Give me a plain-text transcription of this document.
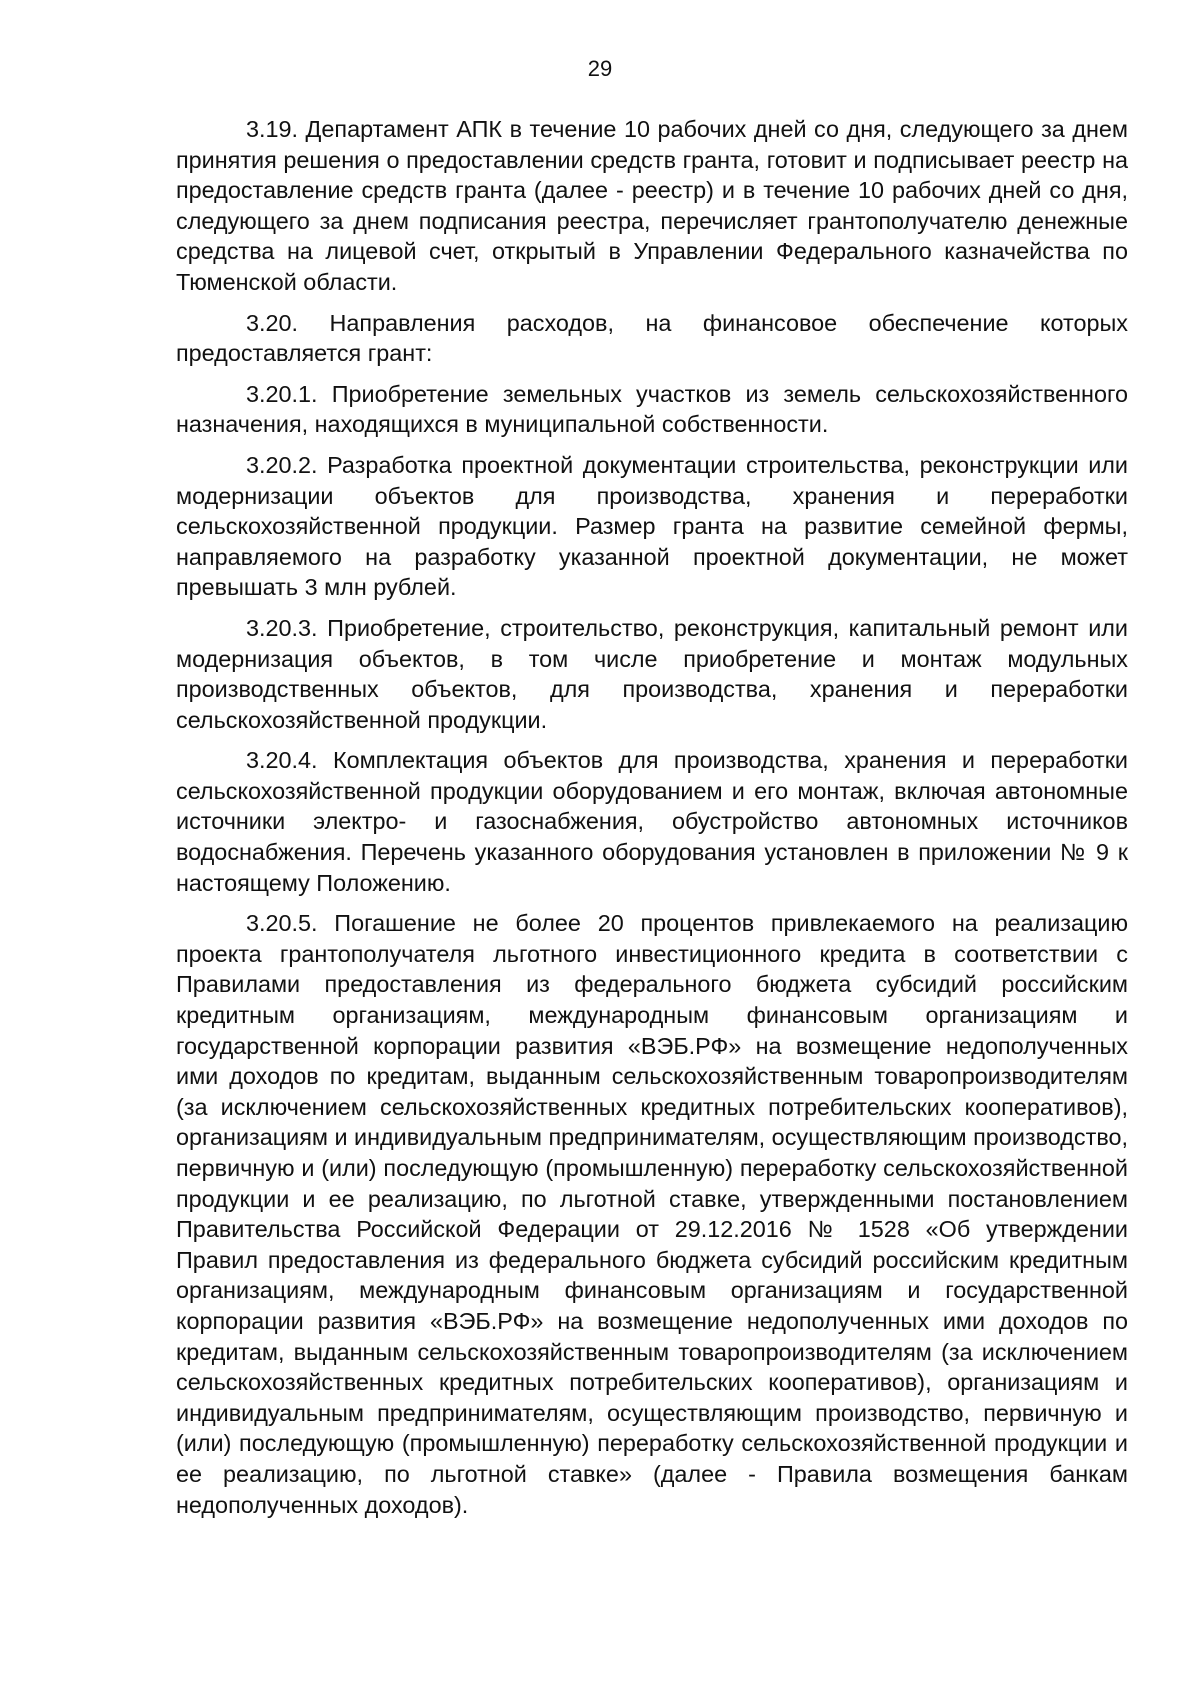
29

3.19. Департамент АПК в течение 10 рабочих дней со дня, следующего за днем принятия решения о предоставлении средств гранта, готовит и подписывает реестр на предоставление средств гранта (далее - реестр) и в течение 10 рабочих дней со дня, следующего за днем подписания реестра, перечисляет грантополучателю денежные средства на лицевой счет, открытый в Управлении Федерального казначейства по Тюменской области.

3.20. Направления расходов, на финансовое обеспечение которых предоставляется грант:

3.20.1. Приобретение земельных участков из земель сельскохозяйственного назначения, находящихся в муниципальной собственности.

3.20.2. Разработка проектной документации строительства, реконструкции или модернизации объектов для производства, хранения и переработки сельскохозяйственной продукции. Размер гранта на развитие семейной фермы, направляемого на разработку указанной проектной документации, не может превышать 3 млн рублей.

3.20.3. Приобретение, строительство, реконструкция, капитальный ремонт или модернизация объектов, в том числе приобретение и монтаж модульных производственных объектов, для производства, хранения и переработки сельскохозяйственной продукции.

3.20.4. Комплектация объектов для производства, хранения и переработки сельскохозяйственной продукции оборудованием и его монтаж, включая автономные источники электро- и газоснабжения, обустройство автономных источников водоснабжения. Перечень указанного оборудования установлен в приложении № 9 к настоящему Положению.

3.20.5. Погашение не более 20 процентов привлекаемого на реализацию проекта грантополучателя льготного инвестиционного кредита в соответствии с Правилами предоставления из федерального бюджета субсидий российским кредитным организациям, международным финансовым организациям и государственной корпорации развития «ВЭБ.РФ» на возмещение недополученных ими доходов по кредитам, выданным сельскохозяйственным товаропроизводителям (за исключением сельскохозяйственных кредитных потребительских кооперативов), организациям и индивидуальным предпринимателям, осуществляющим производство, первичную и (или) последующую (промышленную) переработку сельскохозяйственной продукции и ее реализацию, по льготной ставке, утвержденными постановлением Правительства Российской Федерации от 29.12.2016 № 1528 «Об утверждении Правил предоставления из федерального бюджета субсидий российским кредитным организациям, международным финансовым организациям и государственной корпорации развития «ВЭБ.РФ» на возмещение недополученных ими доходов по кредитам, выданным сельскохозяйственным товаропроизводителям (за исключением сельскохозяйственных кредитных потребительских кооперативов), организациям и индивидуальным предпринимателям, осуществляющим производство, первичную и (или) последующую (промышленную) переработку сельскохозяйственной продукции и ее реализацию, по льготной ставке» (далее - Правила возмещения банкам недополученных доходов).
